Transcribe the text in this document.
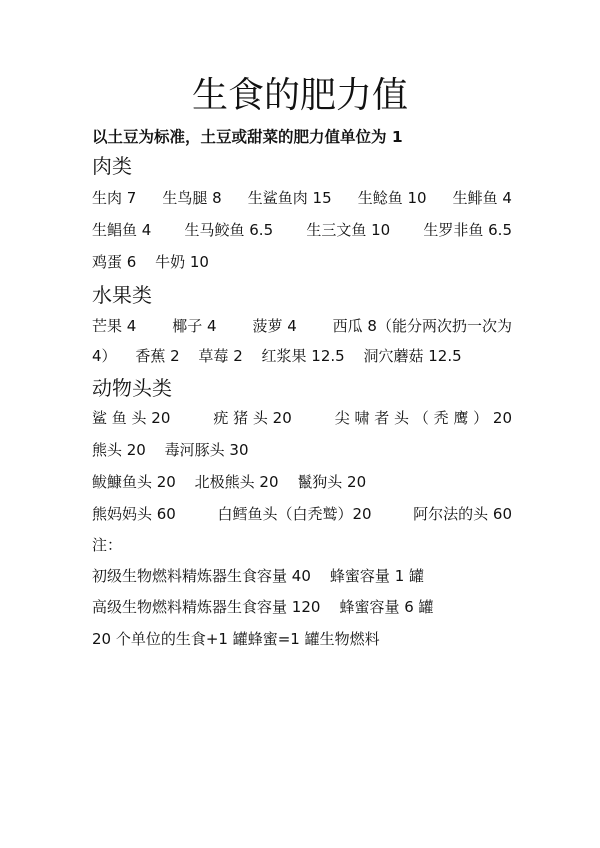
生食的肥力值

以土豆为标准，土豆或甜菜的肥力值单位为 1

肉类
生肉 7 生鸟腿 8 生鲨鱼肉 15 生鲶鱼 10 生鲱鱼 4
生鲳鱼 4 生马鲛鱼 6.5 生三文鱼 10 生罗非鱼 6.5
鸡蛋 6 牛奶 10
水果类
芒果 4 椰子 4 菠萝 4 西瓜 8（能分两次扔一次为
4） 香蕉 2 草莓 2 红浆果 12.5 洞穴蘑菇 12.5
动物头类
鲨 鱼 头 20	疣 猪 头 20	尖 啸 者 头 （ 秃 鹰 ） 20
熊头 20 毒河豚头 30
鲅鱇鱼头 20 北极熊头 20 鬣狗头 20
熊妈妈头 60	白鳕鱼头（白秃鹫）20	阿尔法的头 60

注：

初级生物燃料精炼器生食容量 40    蜂蜜容量 1 罐

高级生物燃料精炼器生食容量 120    蜂蜜容量 6 罐

20 个单位的生食+1 罐蜂蜜=1 罐生物燃料
